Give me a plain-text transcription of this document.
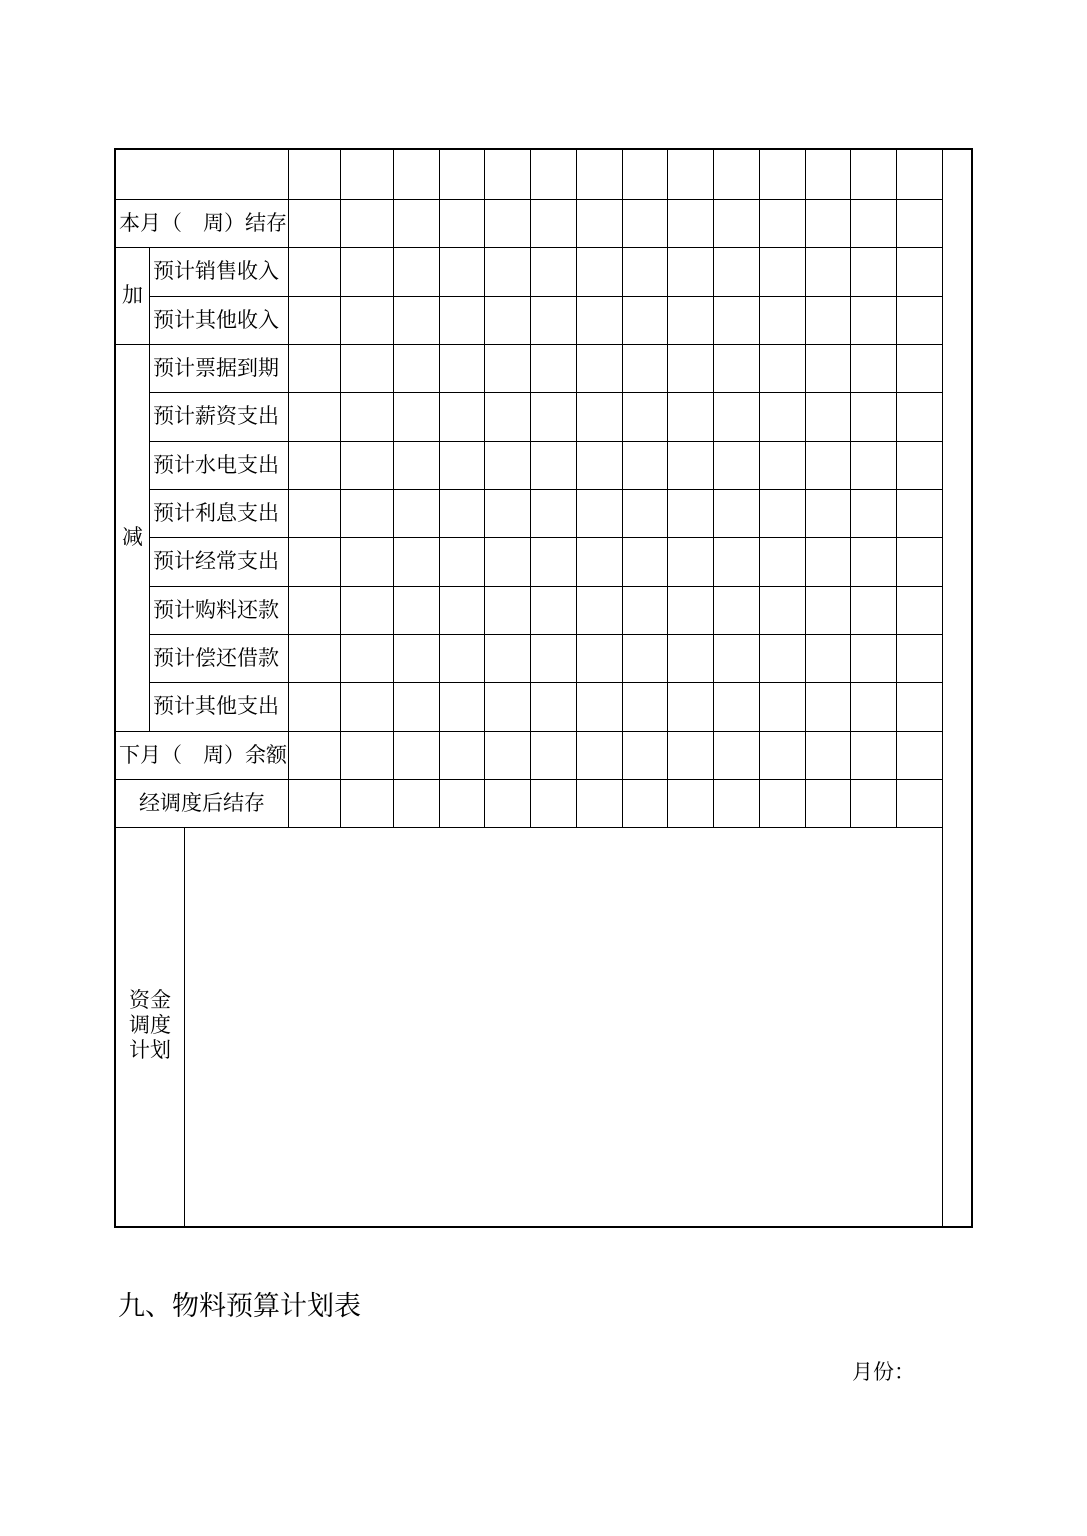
本月（　周）结存
预计销售收入
预计其他收入
预计票据到期
预计薪资支出
预计水电支出
预计利息支出
预计经常支出
预计购料还款
预计偿还借款
预计其他支出
下月（　周）余额
经调度后结存
加
减
资金调度计划
九、物料预算计划表
月份：
